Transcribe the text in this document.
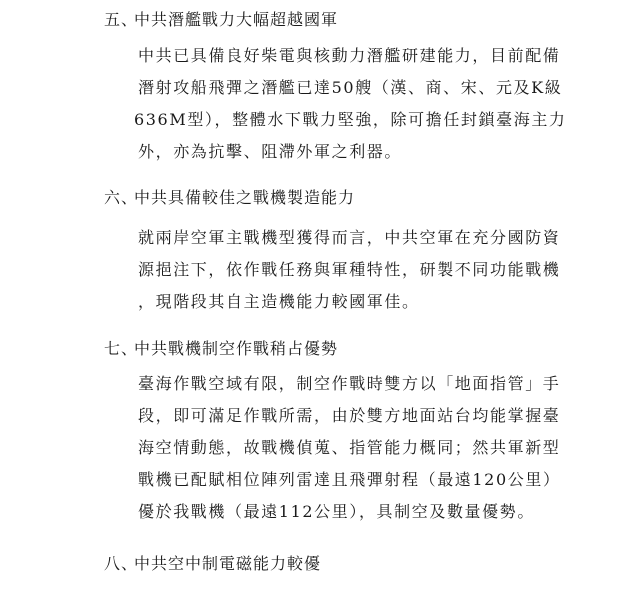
五、中共潛艦戰力大幅超越國軍
中共已具備良好柴電與核動力潛艦研建能力，目前配備
潛射攻船飛彈之潛艦已達50艘（漢、商、宋、元及K級
636M型），整體水下戰力堅強，除可擔任封鎖臺海主力
外，亦為抗擊、阻滯外軍之利器。
六、中共具備較佳之戰機製造能力
就兩岸空軍主戰機型獲得而言，中共空軍在充分國防資
源挹注下，依作戰任務與軍種特性，研製不同功能戰機
，現階段其自主造機能力較國軍佳。
七、中共戰機制空作戰稍占優勢
臺海作戰空域有限，制空作戰時雙方以「地面指管」手
段，即可滿足作戰所需，由於雙方地面站台均能掌握臺
海空情動態，故戰機偵蒐、指管能力概同；然共軍新型
戰機已配賦相位陣列雷達且飛彈射程（最遠120公里）
優於我戰機（最遠112公里），具制空及數量優勢。
八、中共空中制電磁能力較優
